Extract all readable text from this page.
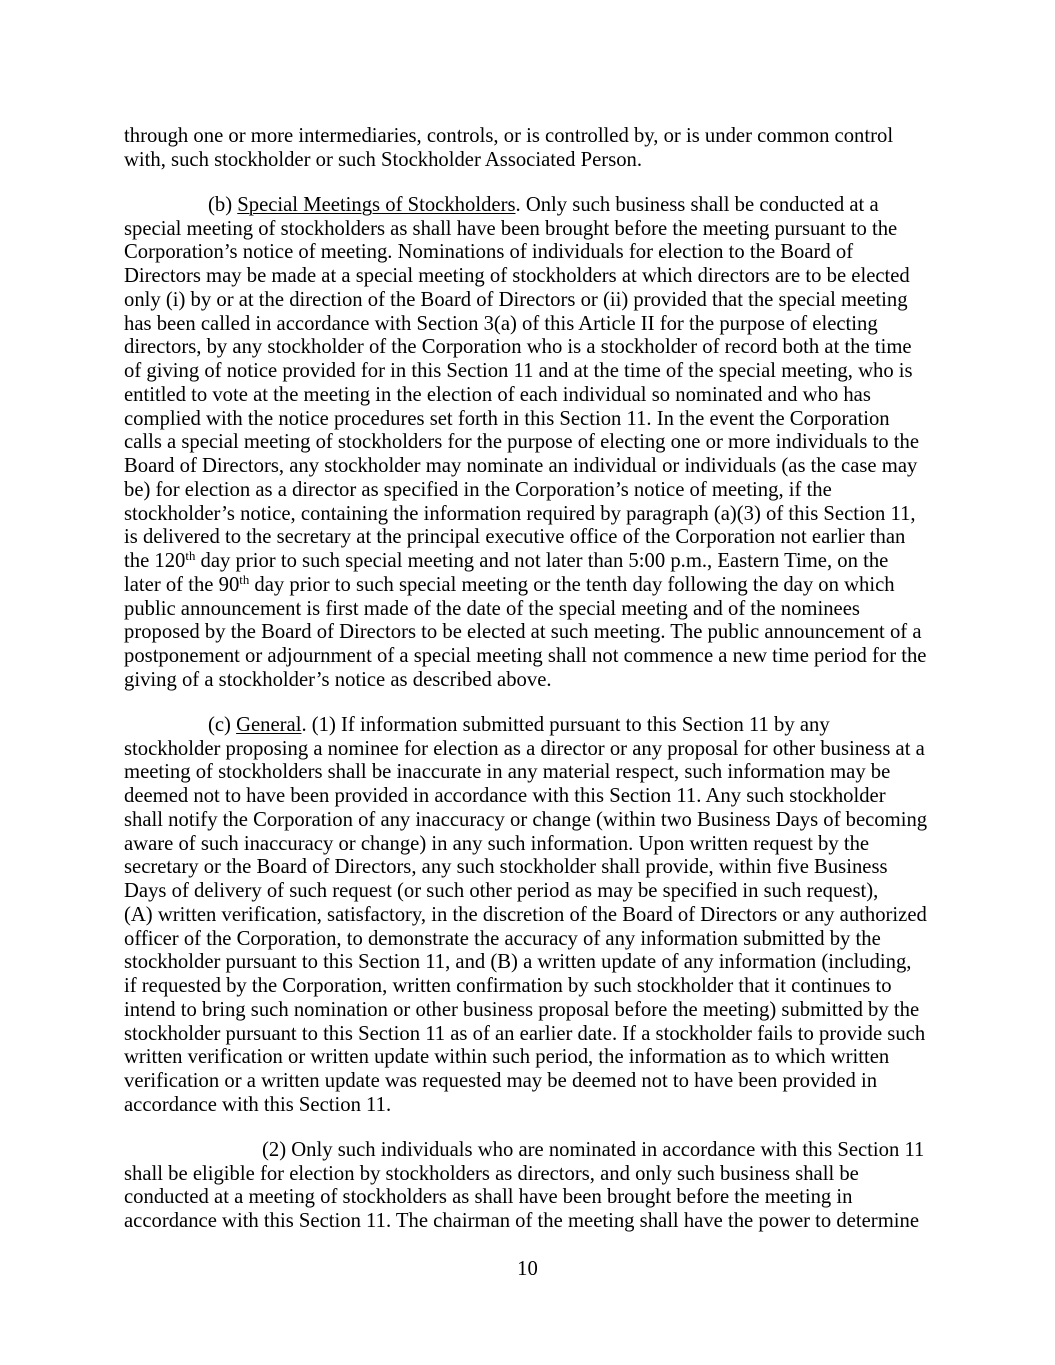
through one or more intermediaries, controls, or is controlled by, or is under common control
with, such stockholder or such Stockholder Associated Person.
(b) Special Meetings of Stockholders. Only such business shall be conducted at a
special meeting of stockholders as shall have been brought before the meeting pursuant to the
Corporation’s notice of meeting. Nominations of individuals for election to the Board of
Directors may be made at a special meeting of stockholders at which directors are to be elected
only (i) by or at the direction of the Board of Directors or (ii) provided that the special meeting
has been called in accordance with Section 3(a) of this Article II for the purpose of electing
directors, by any stockholder of the Corporation who is a stockholder of record both at the time
of giving of notice provided for in this Section 11 and at the time of the special meeting, who is
entitled to vote at the meeting in the election of each individual so nominated and who has
complied with the notice procedures set forth in this Section 11. In the event the Corporation
calls a special meeting of stockholders for the purpose of electing one or more individuals to the
Board of Directors, any stockholder may nominate an individual or individuals (as the case may
be) for election as a director as specified in the Corporation’s notice of meeting, if the
stockholder’s notice, containing the information required by paragraph (a)(3) of this Section 11,
is delivered to the secretary at the principal executive office of the Corporation not earlier than
the 120th day prior to such special meeting and not later than 5:00 p.m., Eastern Time, on the
later of the 90th day prior to such special meeting or the tenth day following the day on which
public announcement is first made of the date of the special meeting and of the nominees
proposed by the Board of Directors to be elected at such meeting. The public announcement of a
postponement or adjournment of a special meeting shall not commence a new time period for the
giving of a stockholder’s notice as described above.
(c) General. (1) If information submitted pursuant to this Section 11 by any
stockholder proposing a nominee for election as a director or any proposal for other business at a
meeting of stockholders shall be inaccurate in any material respect, such information may be
deemed not to have been provided in accordance with this Section 11. Any such stockholder
shall notify the Corporation of any inaccuracy or change (within two Business Days of becoming
aware of such inaccuracy or change) in any such information. Upon written request by the
secretary or the Board of Directors, any such stockholder shall provide, within five Business
Days of delivery of such request (or such other period as may be specified in such request),
(A) written verification, satisfactory, in the discretion of the Board of Directors or any authorized
officer of the Corporation, to demonstrate the accuracy of any information submitted by the
stockholder pursuant to this Section 11, and (B) a written update of any information (including,
if requested by the Corporation, written confirmation by such stockholder that it continues to
intend to bring such nomination or other business proposal before the meeting) submitted by the
stockholder pursuant to this Section 11 as of an earlier date. If a stockholder fails to provide such
written verification or written update within such period, the information as to which written
verification or a written update was requested may be deemed not to have been provided in
accordance with this Section 11.
(2) Only such individuals who are nominated in accordance with this Section 11
shall be eligible for election by stockholders as directors, and only such business shall be
conducted at a meeting of stockholders as shall have been brought before the meeting in
accordance with this Section 11. The chairman of the meeting shall have the power to determine
10
